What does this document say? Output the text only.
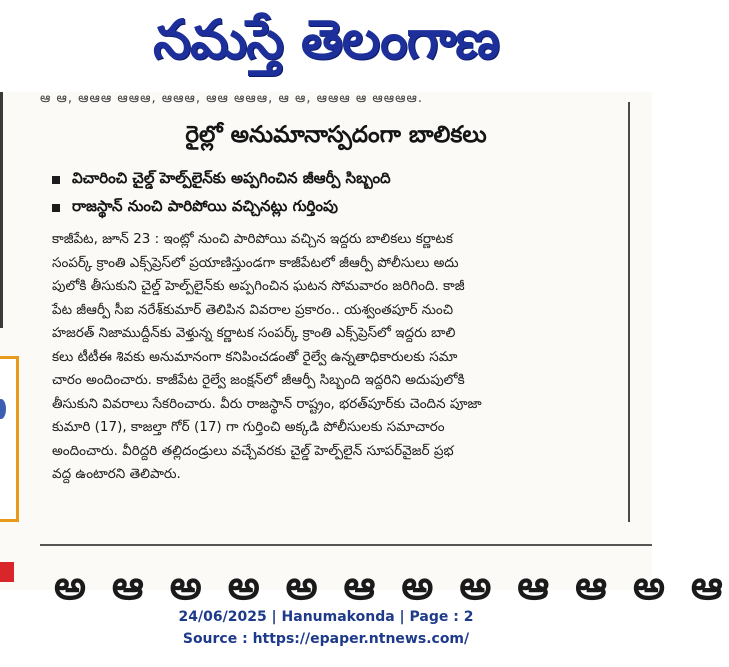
నమస్తే తెలంగాణ
ఆ ఆ, ఆఆఆ ఆఆఆ, ఆఆఆ, ఆఆ ఆఆఆ, ఆ ఆ, ఆఆఆ ఆ ఆఆఆఆ.
రైల్లో అనుమానాస్పదంగా బాలికలు
విచారించి చైల్డ్ హెల్ప్‌లైన్‌కు అప్పగించిన జీఆర్పీ సిబ్బంది
రాజస్థాన్ నుంచి పారిపోయి వచ్చినట్లు గుర్తింపు
కాజీపేట, జూన్ 23 : ఇంట్లో నుంచి పారిపోయి వచ్చిన ఇద్దరు బాలికలు కర్ణాటక
సంపర్క్ క్రాంతి ఎక్స్‌ప్రెస్‌లో ప్రయాణిస్తుండగా కాజీపేటలో జీఆర్పీ పోలీసులు అదు
పులోకి తీసుకుని చైల్డ్ హెల్ప్‌లైన్‌కు అప్పగించిన ఘటన సోమవారం జరిగింది. కాజీ
పేట జీఆర్పీ సీఐ నరేశ్‌కుమార్ తెలిపిన వివరాల ప్రకారం.. యశ్వంతపూర్ నుంచి
హజరత్ నిజాముద్దీన్‌కు వెళ్తున్న కర్ణాటక సంపర్క్ క్రాంతి ఎక్స్‌ప్రెస్‌లో ఇద్దరు బాలి
కలు టీటీఈ శివకు అనుమానంగా కనిపించడంతో రైల్వే ఉన్నతాధికారులకు సమా
చారం అందించారు. కాజీపేట రైల్వే జంక్షన్‌లో జీఆర్పీ సిబ్బంది ఇద్దరిని అదుపులోకి
తీసుకుని వివరాలు సేకరించారు. వీరు రాజస్థాన్ రాష్ట్రం, భరత్‌పూర్‌కు చెందిన పూజా
కుమారి (17), కాజల్తా గోర్ (17) గా గుర్తించి అక్కడి పోలీసులకు సమాచారం
అందించారు. వీరిద్దరి తల్లిదండ్రులు వచ్చేవరకు చైల్డ్ హెల్ప్‌లైన్ సూపర్‌వైజర్ ప్రభ
వద్ద ఉంటారని తెలిపారు.
అ ఆ అ అ అ ఆ అ అ ఆ ఆ అ ఆ
24/06/2025 | Hanumakonda | Page : 2
Source : https://epaper.ntnews.com/
